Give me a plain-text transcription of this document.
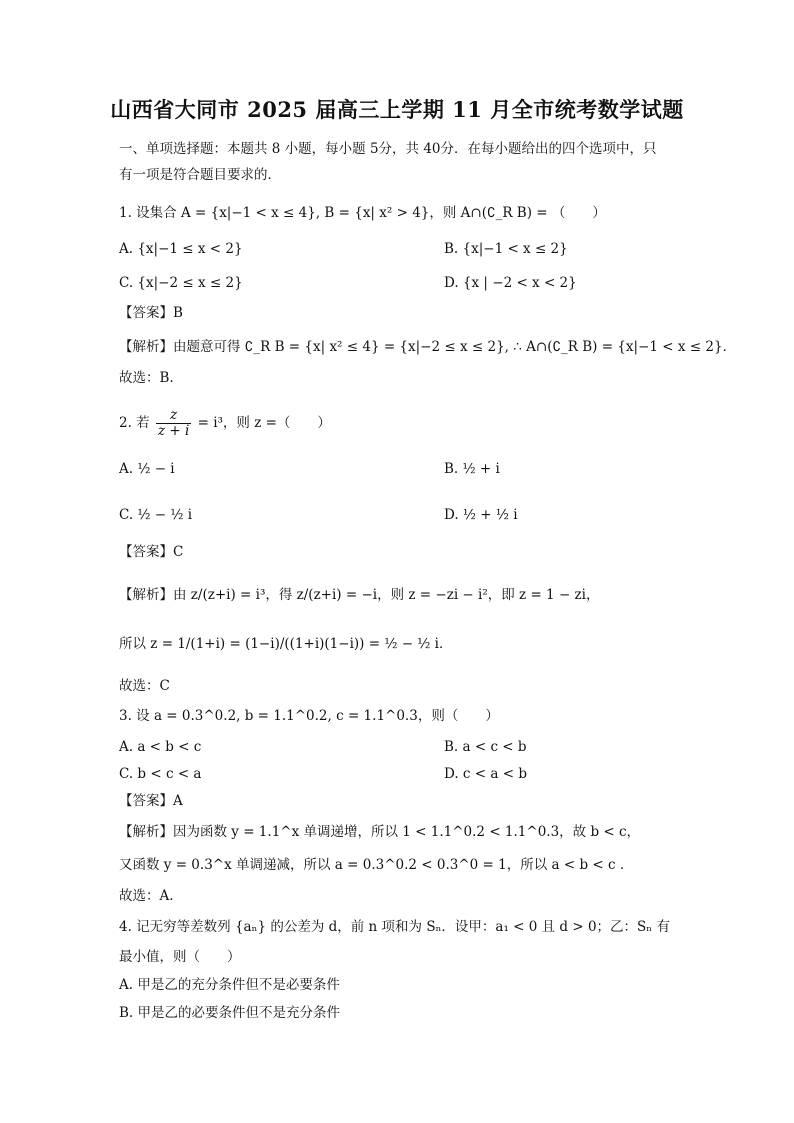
山西省大同市 2025 届高三上学期 11 月全市统考数学试题
一、单项选择题：本题共 8 小题，每小题 5分，共 40分．在每小题给出的四个选项中，只
有一项是符合题目要求的．
1. 设集合 A = {x|−1 < x ≤ 4}, B = {x| x² > 4}，则 A∩(∁_R B) = （　　）
A. {x|−1 ≤ x < 2}	B. {x|−1 < x ≤ 2}
C. {x|−2 ≤ x ≤ 2}	D. {x | −2 < x < 2}
【答案】B
【解析】由题意可得 ∁_R B = {x| x² ≤ 4} = {x|−2 ≤ x ≤ 2}, ∴ A∩(∁_R B) = {x|−1 < x ≤ 2}．
故选：B.
2. 若 $\frac{z}{z + i} = i^3$，则 z =（　　）
A. ½ − i	B. ½ + i
C. ½ − ½ i	D. ½ + ½ i
【答案】C
【解析】由 z/(z+i) = i³，得 z/(z+i) = −i，则 z = −zi − i²，即 z = 1 − zi，
所以 z = 1/(1+i) = (1−i)/((1+i)(1−i)) = ½ − ½ i．
故选：C
3. 设 a = 0.3^0.2, b = 1.1^0.2, c = 1.1^0.3，则（　　）
A. a < b < c	B. a < c < b
C. b < c < a	D. c < a < b
【答案】A
【解析】因为函数 y = 1.1^x 单调递增，所以 1 < 1.1^0.2 < 1.1^0.3，故 b < c，
又函数 y = 0.3^x 单调递减，所以 a = 0.3^0.2 < 0.3^0 = 1，所以 a < b < c ．
故选：A.
4. 记无穷等差数列 {aₙ} 的公差为 d，前 n 项和为 Sₙ．设甲：a₁ < 0 且 d > 0；乙：Sₙ 有
最小值，则（　　）
A. 甲是乙的充分条件但不是必要条件
B. 甲是乙的必要条件但不是充分条件
